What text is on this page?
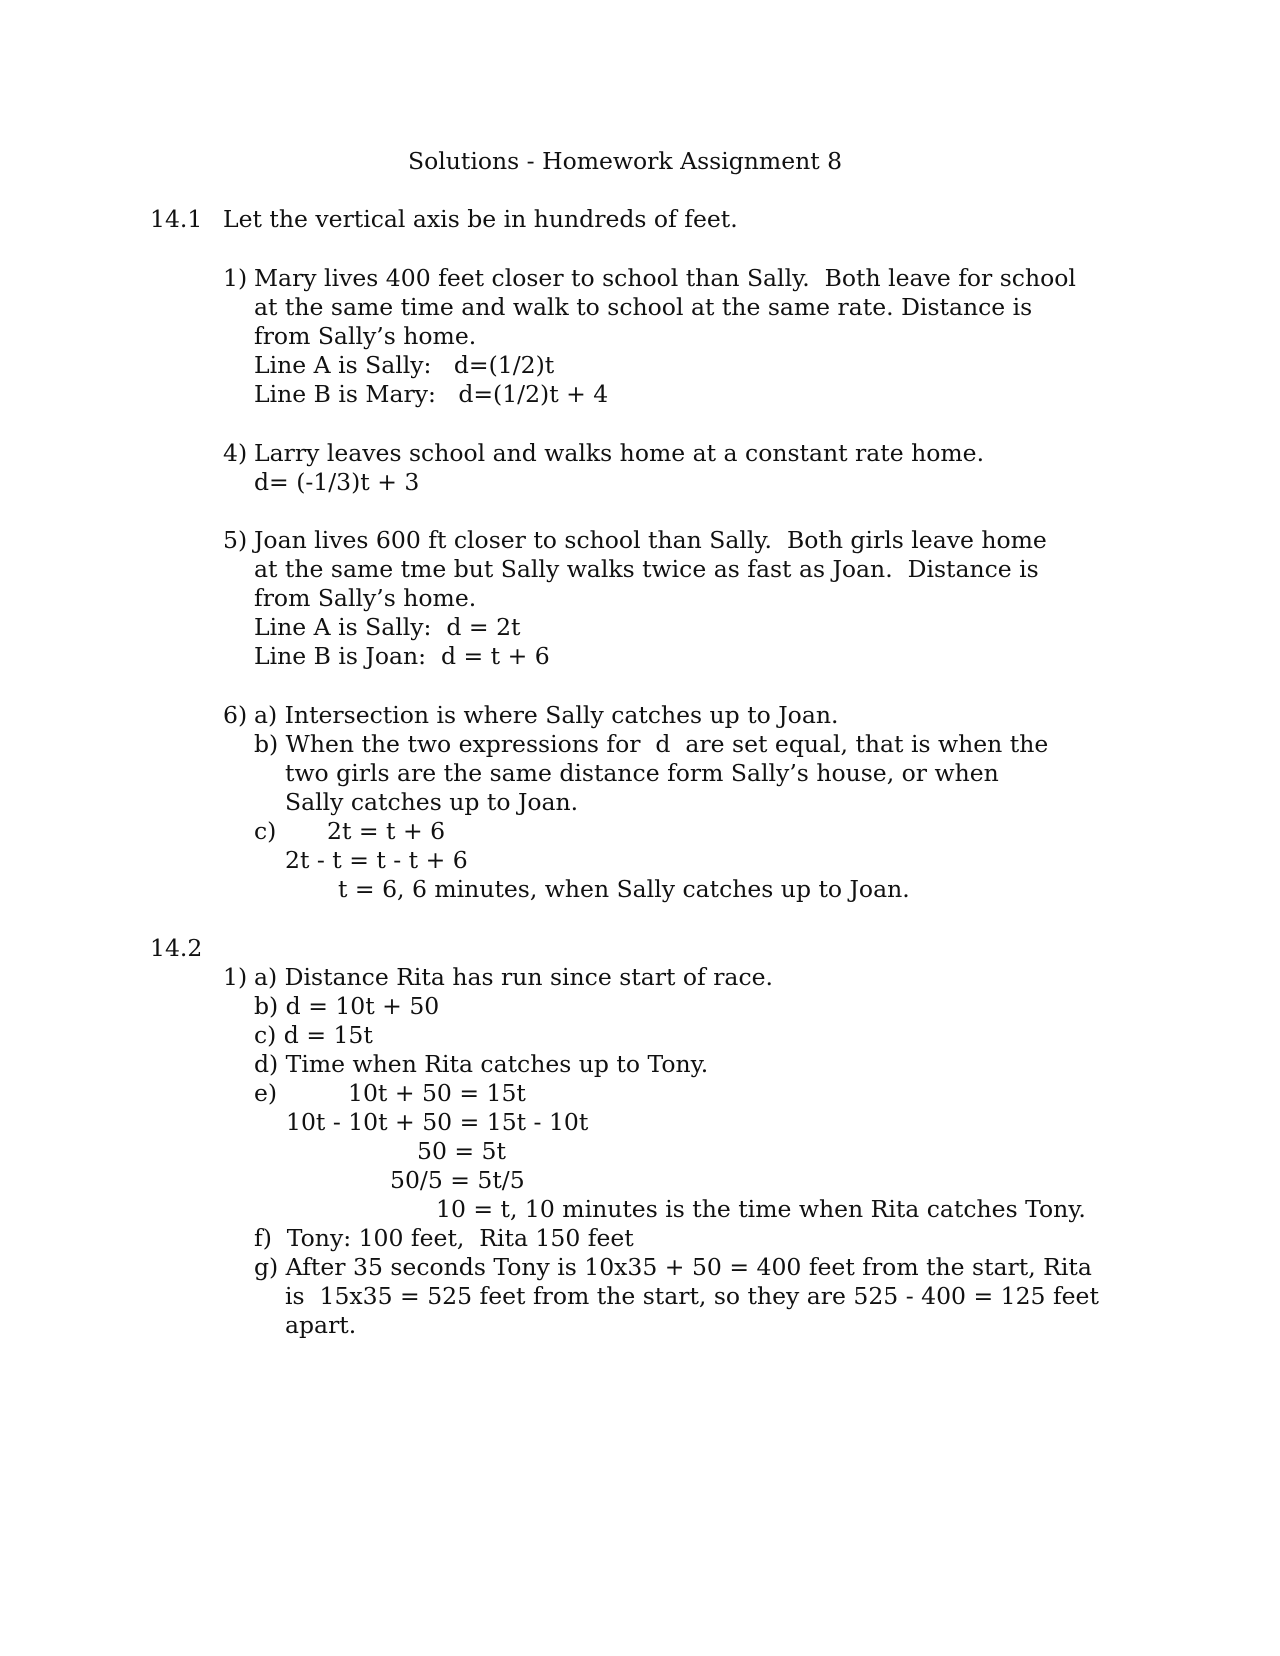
Solutions - Homework Assignment 8
14.1 Let the vertical axis be in hundreds of feet.
1) Mary lives 400 feet closer to school than Sally.  Both leave for school
at the same time and walk to school at the same rate. Distance is
from Sally’s home.
Line A is Sally:   d=(1/2)t
Line B is Mary:   d=(1/2)t + 4
4) Larry leaves school and walks home at a constant rate home.
d= (-1/3)t + 3
5) Joan lives 600 ft closer to school than Sally.  Both girls leave home
at the same tme but Sally walks twice as fast as Joan.  Distance is
from Sally’s home.
Line A is Sally:  d = 2t
Line B is Joan:  d = t + 6
6) a) Intersection is where Sally catches up to Joan.
b) When the two expressions for  d  are set equal, that is when the
two girls are the same distance form Sally’s house, or when
Sally catches up to Joan.
c) 2t = t + 6
2t - t = t - t + 6
t = 6, 6 minutes, when Sally catches up to Joan.
14.2
1) a) Distance Rita has run since start of race.
b) d = 10t + 50
c) d = 15t
d) Time when Rita catches up to Tony.
e)	10t + 50 = 15t
10t - 10t + 50 = 15t - 10t
50 = 5t
50/5 = 5t/5
10 = t, 10 minutes is the time when Rita catches Tony.
f)  Tony: 100 feet,  Rita 150 feet
g) After 35 seconds Tony is 10x35 + 50 = 400 feet from the start, Rita
is  15x35 = 525 feet from the start, so they are 525 - 400 = 125 feet
apart.
